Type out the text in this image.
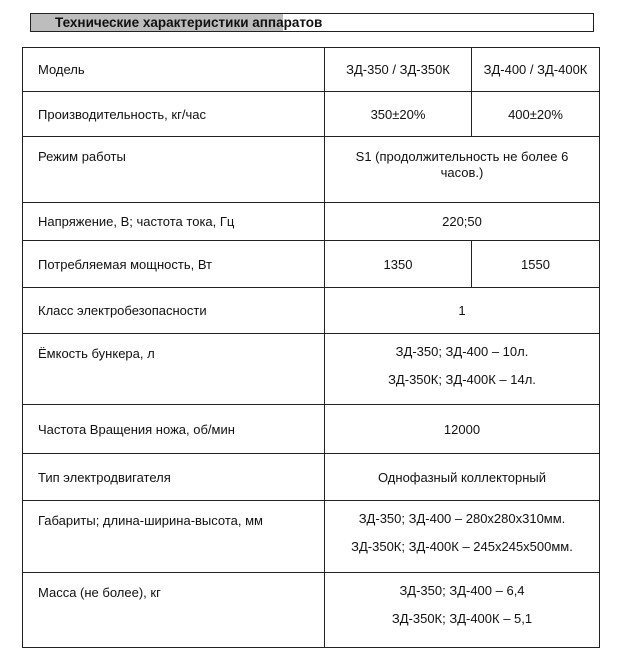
Технические характеристики аппаратов
Модель	ЗД-350 / ЗД-350К	ЗД-400 / ЗД-400К
Производительность, кг/час	350±20%	400±20%

Режим работы	S1 (продолжительность не более 6
часов.)	

Напряжение, В; частота тока, Гц	220;50	
Потребляемая мощность, Вт	1350	1550
Класс электробезопасности	1	

Ёмкость бункера, л	ЗД-350; ЗД-400 – 10л.
ЗД-350К; ЗД-400К – 14л.	

Частота Вращения ножа, об/мин	12000	
Тип электродвигателя	Однофазный коллекторный	

Габариты; длина-ширина-высота, мм	ЗД-350; ЗД-400 – 280х280х310мм.
ЗД-350К; ЗД-400К – 245х245х500мм.	

Масса (не более), кг	ЗД-350; ЗД-400 – 6,4
ЗД-350К; ЗД-400К – 5,1	
